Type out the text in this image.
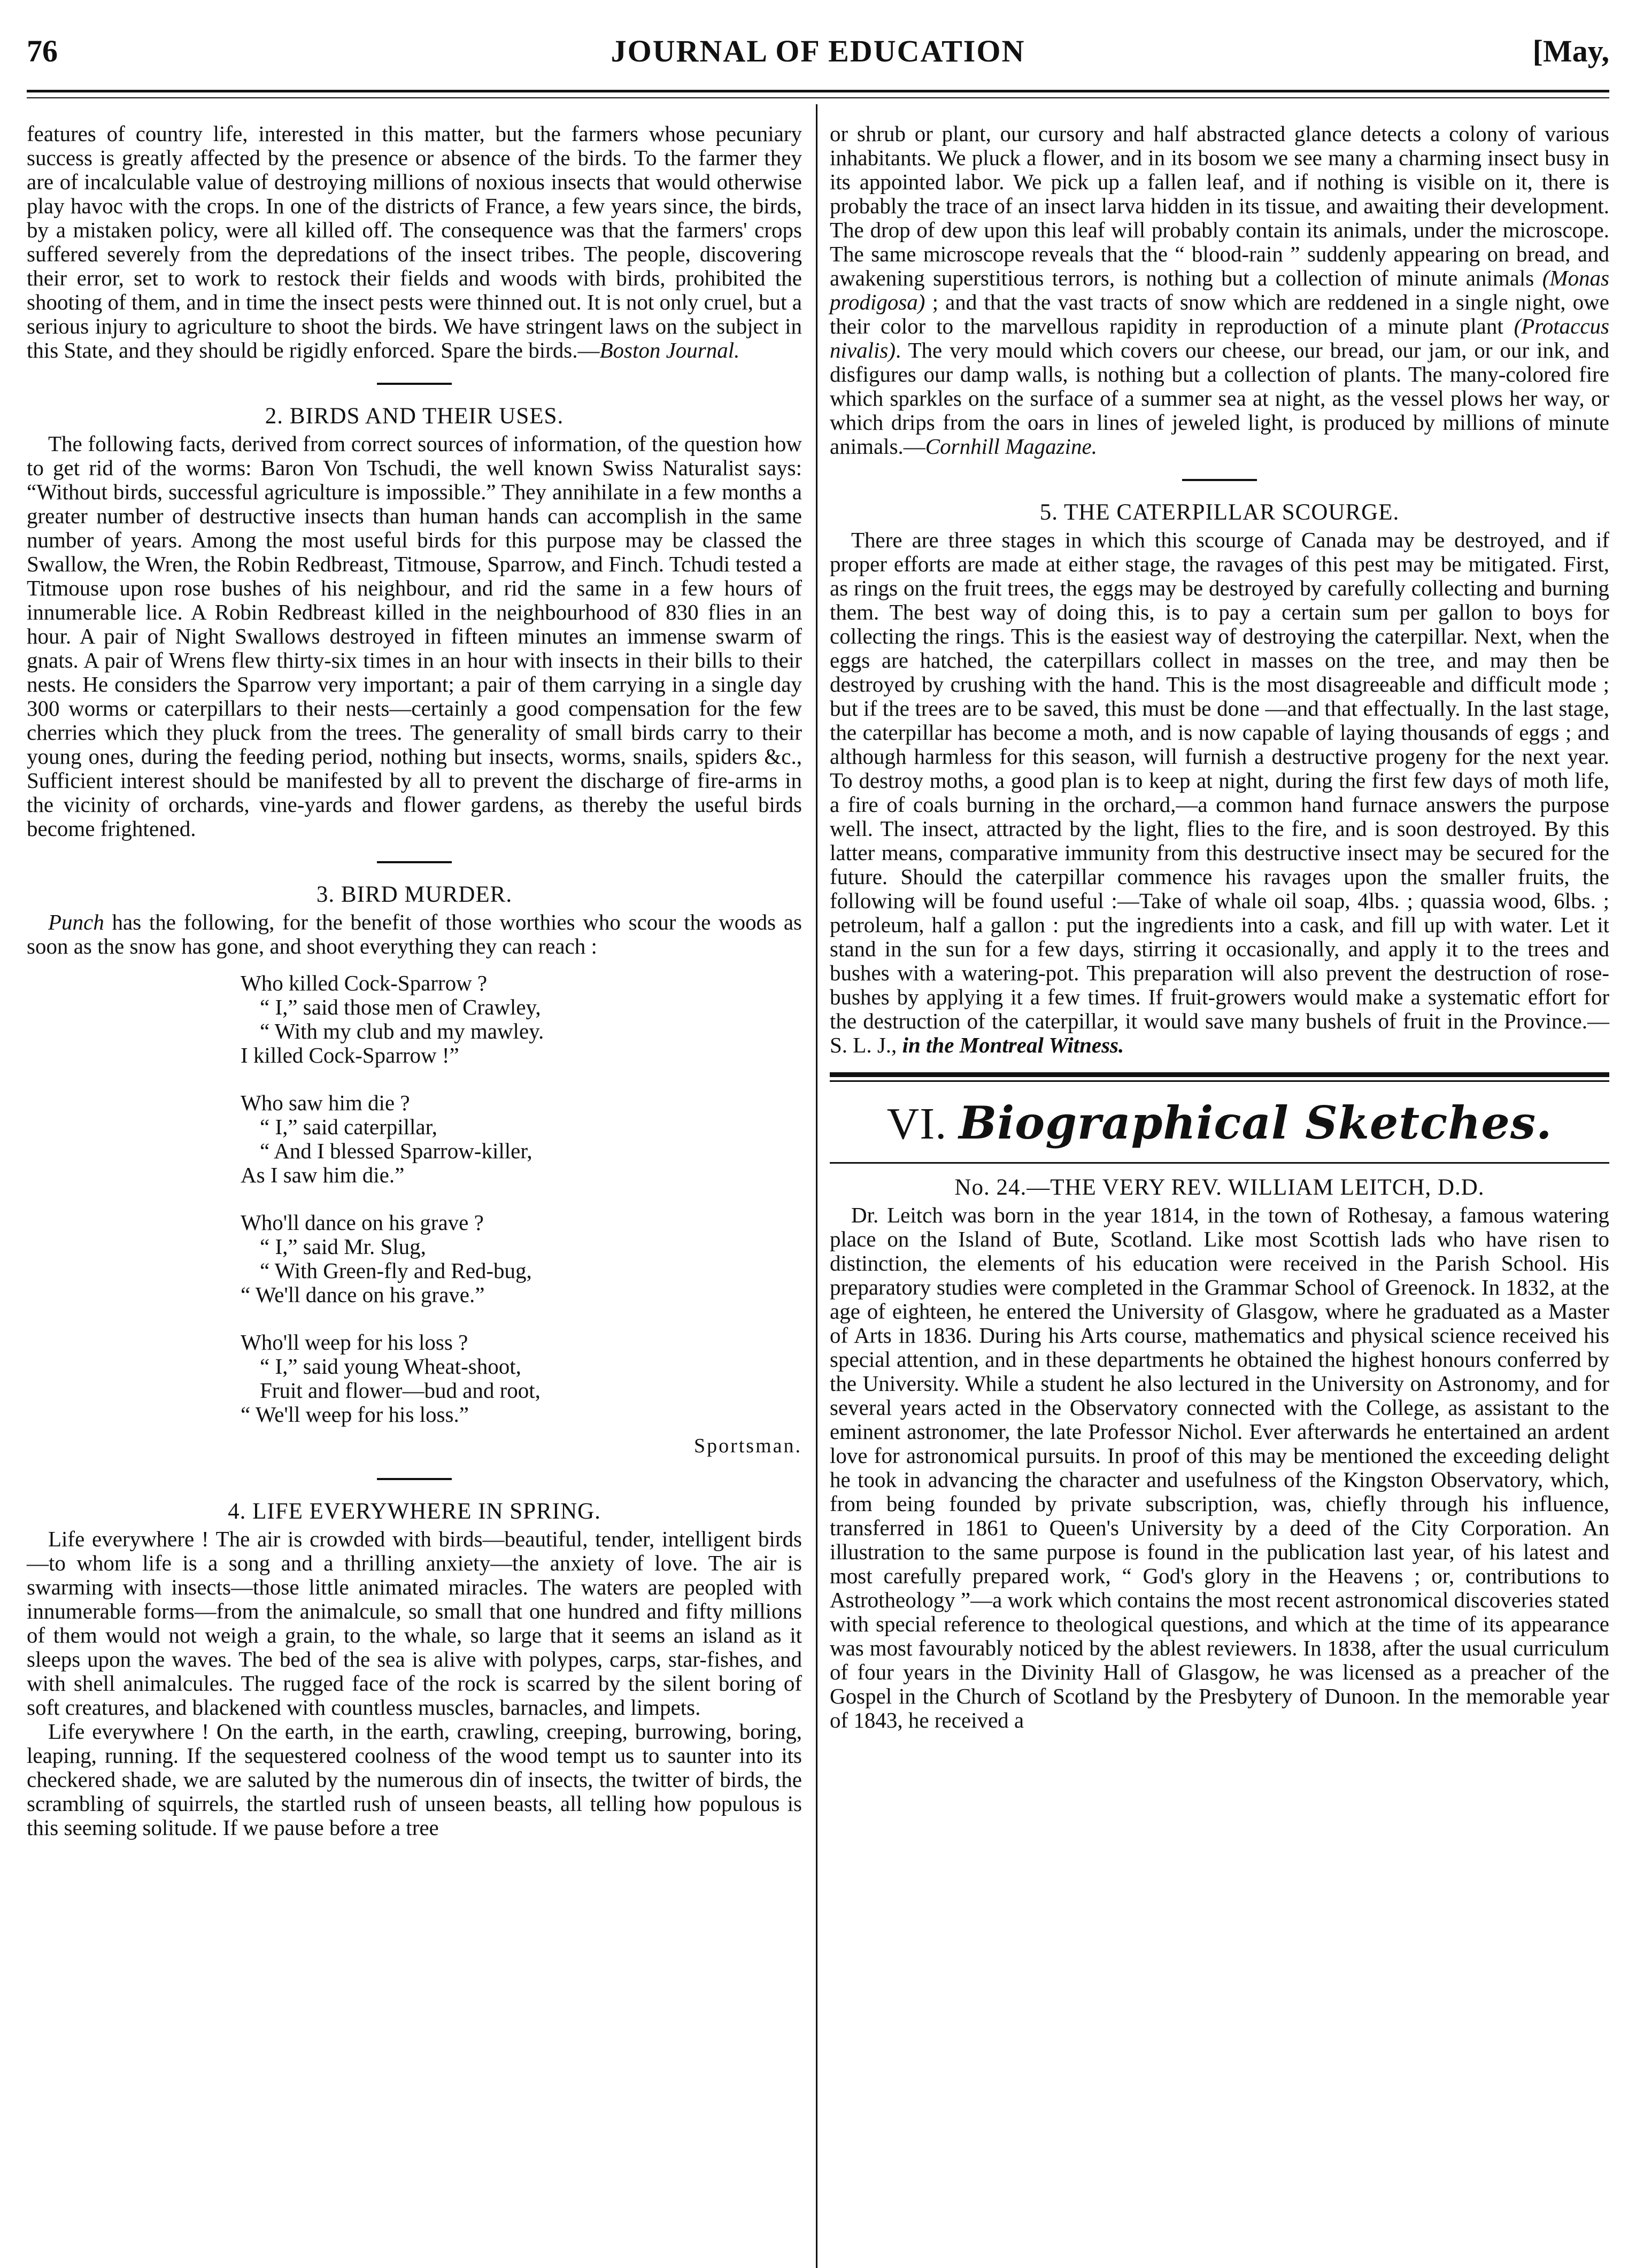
76	JOURNAL OF EDUCATION	[May,

features of country life, interested in this matter, but the farmers whose pecuniary success is greatly affected by the presence or absence of the birds. To the farmer they are of incalculable value of destroying millions of noxious insects that would otherwise play havoc with the crops. In one of the districts of France, a few years since, the birds, by a mistaken policy, were all killed off. The consequence was that the farmers' crops suffered severely from the depredations of the insect tribes. The people, discovering their error, set to work to restock their fields and woods with birds, prohibited the shooting of them, and in time the insect pests were thinned out. It is not only cruel, but a serious injury to agriculture to shoot the birds. We have stringent laws on the subject in this State, and they should be rigidly enforced. Spare the birds.—Boston Journal.

2. BIRDS AND THEIR USES.

The following facts, derived from correct sources of information, of the question how to get rid of the worms: Baron Von Tschudi, the well known Swiss Naturalist says: “Without birds, successful agriculture is impossible.” They annihilate in a few months a greater number of destructive insects than human hands can accomplish in the same number of years. Among the most useful birds for this purpose may be classed the Swallow, the Wren, the Robin Redbreast, Titmouse, Sparrow, and Finch. Tchudi tested a Titmouse upon rose bushes of his neighbour, and rid the same in a few hours of innumerable lice. A Robin Redbreast killed in the neighbourhood of 830 flies in an hour. A pair of Night Swallows destroyed in fifteen minutes an immense swarm of gnats. A pair of Wrens flew thirty-six times in an hour with insects in their bills to their nests. He considers the Sparrow very important; a pair of them carrying in a single day 300 worms or caterpillars to their nests—certainly a good compensation for the few cherries which they pluck from the trees. The generality of small birds carry to their young ones, during the feeding period, nothing but insects, worms, snails, spiders &c., Sufficient interest should be manifested by all to prevent the discharge of fire-arms in the vicinity of orchards, vine-yards and flower gardens, as thereby the useful birds become frightened.

3. BIRD MURDER.

Punch has the following, for the benefit of those worthies who scour the woods as soon as the snow has gone, and shoot everything they can reach :

Who killed Cock-Sparrow ?
“ I,” said those men of Crawley,
“ With my club and my mawley.
I killed Cock-Sparrow !”
Who saw him die ?
“ I,” said caterpillar,
“ And I blessed Sparrow-killer,
As I saw him die.”
Who'll dance on his grave ?
“ I,” said Mr. Slug,
“ With Green-fly and Red-bug,
“ We'll dance on his grave.”
Who'll weep for his loss ?
“ I,” said young Wheat-shoot,
Fruit and flower—bud and root,
“ We'll weep for his loss.”
Sportsman.
4. LIFE EVERYWHERE IN SPRING.

Life everywhere ! The air is crowded with birds—beautiful, tender, intelligent birds—to whom life is a song and a thrilling anxiety—the anxiety of love. The air is swarming with insects—those little animated miracles. The waters are peopled with innumerable forms—from the animalcule, so small that one hundred and fifty millions of them would not weigh a grain, to the whale, so large that it seems an island as it sleeps upon the waves. The bed of the sea is alive with polypes, carps, star-fishes, and with shell animalcules. The rugged face of the rock is scarred by the silent boring of soft creatures, and blackened with countless muscles, barnacles, and limpets.

Life everywhere ! On the earth, in the earth, crawling, creeping, burrowing, boring, leaping, running. If the sequestered coolness of the wood tempt us to saunter into its checkered shade, we are saluted by the numerous din of insects, the twitter of birds, the scrambling of squirrels, the startled rush of unseen beasts, all telling how populous is this seeming solitude. If we pause before a tree

or shrub or plant, our cursory and half abstracted glance detects a colony of various inhabitants. We pluck a flower, and in its bosom we see many a charming insect busy in its appointed labor. We pick up a fallen leaf, and if nothing is visible on it, there is probably the trace of an insect larva hidden in its tissue, and awaiting their development. The drop of dew upon this leaf will probably contain its animals, under the microscope. The same microscope reveals that the “ blood-rain ” suddenly appearing on bread, and awakening superstitious terrors, is nothing but a collection of minute animals (Monas prodigosa) ; and that the vast tracts of snow which are reddened in a single night, owe their color to the marvellous rapidity in reproduction of a minute plant (Protaccus nivalis). The very mould which covers our cheese, our bread, our jam, or our ink, and disfigures our damp walls, is nothing but a collection of plants. The many-colored fire which sparkles on the surface of a summer sea at night, as the vessel plows her way, or which drips from the oars in lines of jeweled light, is produced by millions of minute animals.—Cornhill Magazine.

5. THE CATERPILLAR SCOURGE.

There are three stages in which this scourge of Canada may be destroyed, and if proper efforts are made at either stage, the ravages of this pest may be mitigated. First, as rings on the fruit trees, the eggs may be destroyed by carefully collecting and burning them. The best way of doing this, is to pay a certain sum per gallon to boys for collecting the rings. This is the easiest way of destroying the caterpillar. Next, when the eggs are hatched, the caterpillars collect in masses on the tree, and may then be destroyed by crushing with the hand. This is the most disagreeable and difficult mode ; but if the trees are to be saved, this must be done —and that effectually. In the last stage, the caterpillar has become a moth, and is now capable of laying thousands of eggs ; and although harmless for this season, will furnish a destructive progeny for the next year. To destroy moths, a good plan is to keep at night, during the first few days of moth life, a fire of coals burning in the orchard,—a common hand furnace answers the purpose well. The insect, attracted by the light, flies to the fire, and is soon destroyed. By this latter means, comparative immunity from this destructive insect may be secured for the future. Should the caterpillar commence his ravages upon the smaller fruits, the following will be found useful :—Take of whale oil soap, 4lbs. ; quassia wood, 6lbs. ; petroleum, half a gallon : put the ingredients into a cask, and fill up with water. Let it stand in the sun for a few days, stirring it occasionally, and apply it to the trees and bushes with a watering-pot. This preparation will also prevent the destruction of rose-bushes by applying it a few times. If fruit-growers would make a systematic effort for the destruction of the caterpillar, it would save many bushels of fruit in the Province.—S. L. J., in the Montreal Witness.

VI. Biographical Sketches.
No. 24.—THE VERY REV. WILLIAM LEITCH, D.D.

Dr. Leitch was born in the year 1814, in the town of Rothesay, a famous watering place on the Island of Bute, Scotland. Like most Scottish lads who have risen to distinction, the elements of his education were received in the Parish School. His preparatory studies were completed in the Grammar School of Greenock. In 1832, at the age of eighteen, he entered the University of Glasgow, where he graduated as a Master of Arts in 1836. During his Arts course, mathematics and physical science received his special attention, and in these departments he obtained the highest honours conferred by the University. While a student he also lectured in the University on Astronomy, and for several years acted in the Observatory connected with the College, as assistant to the eminent astronomer, the late Professor Nichol. Ever afterwards he entertained an ardent love for astronomical pursuits. In proof of this may be mentioned the exceeding delight he took in advancing the character and usefulness of the Kingston Observatory, which, from being founded by private subscription, was, chiefly through his influence, transferred in 1861 to Queen's University by a deed of the City Corporation. An illustration to the same purpose is found in the publication last year, of his latest and most carefully prepared work, “ God's glory in the Heavens ; or, contributions to Astrotheology ”—a work which contains the most recent astronomical discoveries stated with special reference to theological questions, and which at the time of its appearance was most favourably noticed by the ablest reviewers. In 1838, after the usual curriculum of four years in the Divinity Hall of Glasgow, he was licensed as a preacher of the Gospel in the Church of Scotland by the Presbytery of Dunoon. In the memorable year of 1843, he received a
